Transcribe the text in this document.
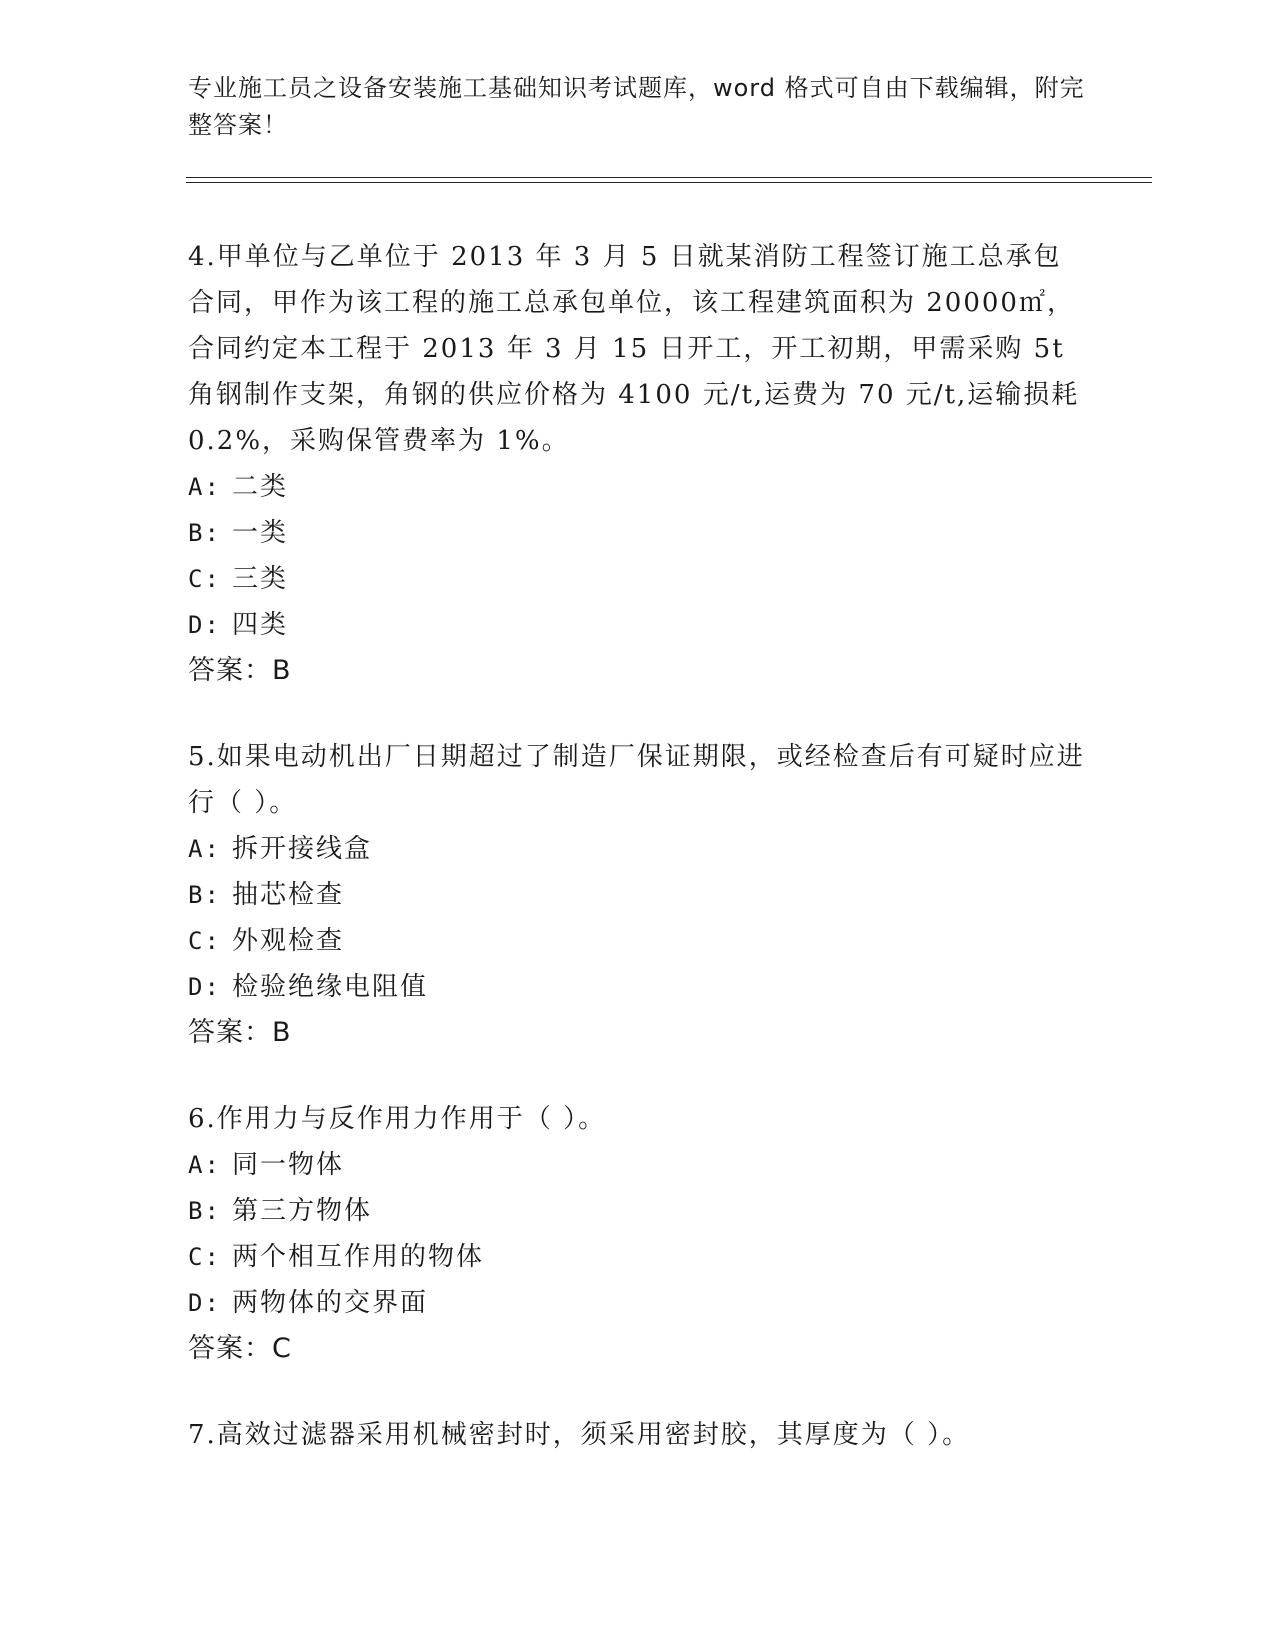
专业施工员之设备安装施工基础知识考试题库，word 格式可自由下载编辑，附完整答案！

4.甲单位与乙单位于 2013 年 3 月 5 日就某消防工程签订施工总承包合同，甲作为该工程的施工总承包单位，该工程建筑面积为 20000㎡，合同约定本工程于 2013 年 3 月 15 日开工，开工初期，甲需采购 5t 角钢制作支架，角钢的供应价格为 4100 元/t,运费为 70 元/t,运输损耗 0.2%，采购保管费率为 1%。

A: 二类

B: 一类

C: 三类

D: 四类

答案：B

5.如果电动机出厂日期超过了制造厂保证期限，或经检查后有可疑时应进行（ ）。

A: 拆开接线盒

B: 抽芯检查

C: 外观检查

D: 检验绝缘电阻值

答案：B

6.作用力与反作用力作用于（ ）。

A: 同一物体

B: 第三方物体

C: 两个相互作用的物体

D: 两物体的交界面

答案：C

7.高效过滤器采用机械密封时，须采用密封胶，其厚度为（ ）。
